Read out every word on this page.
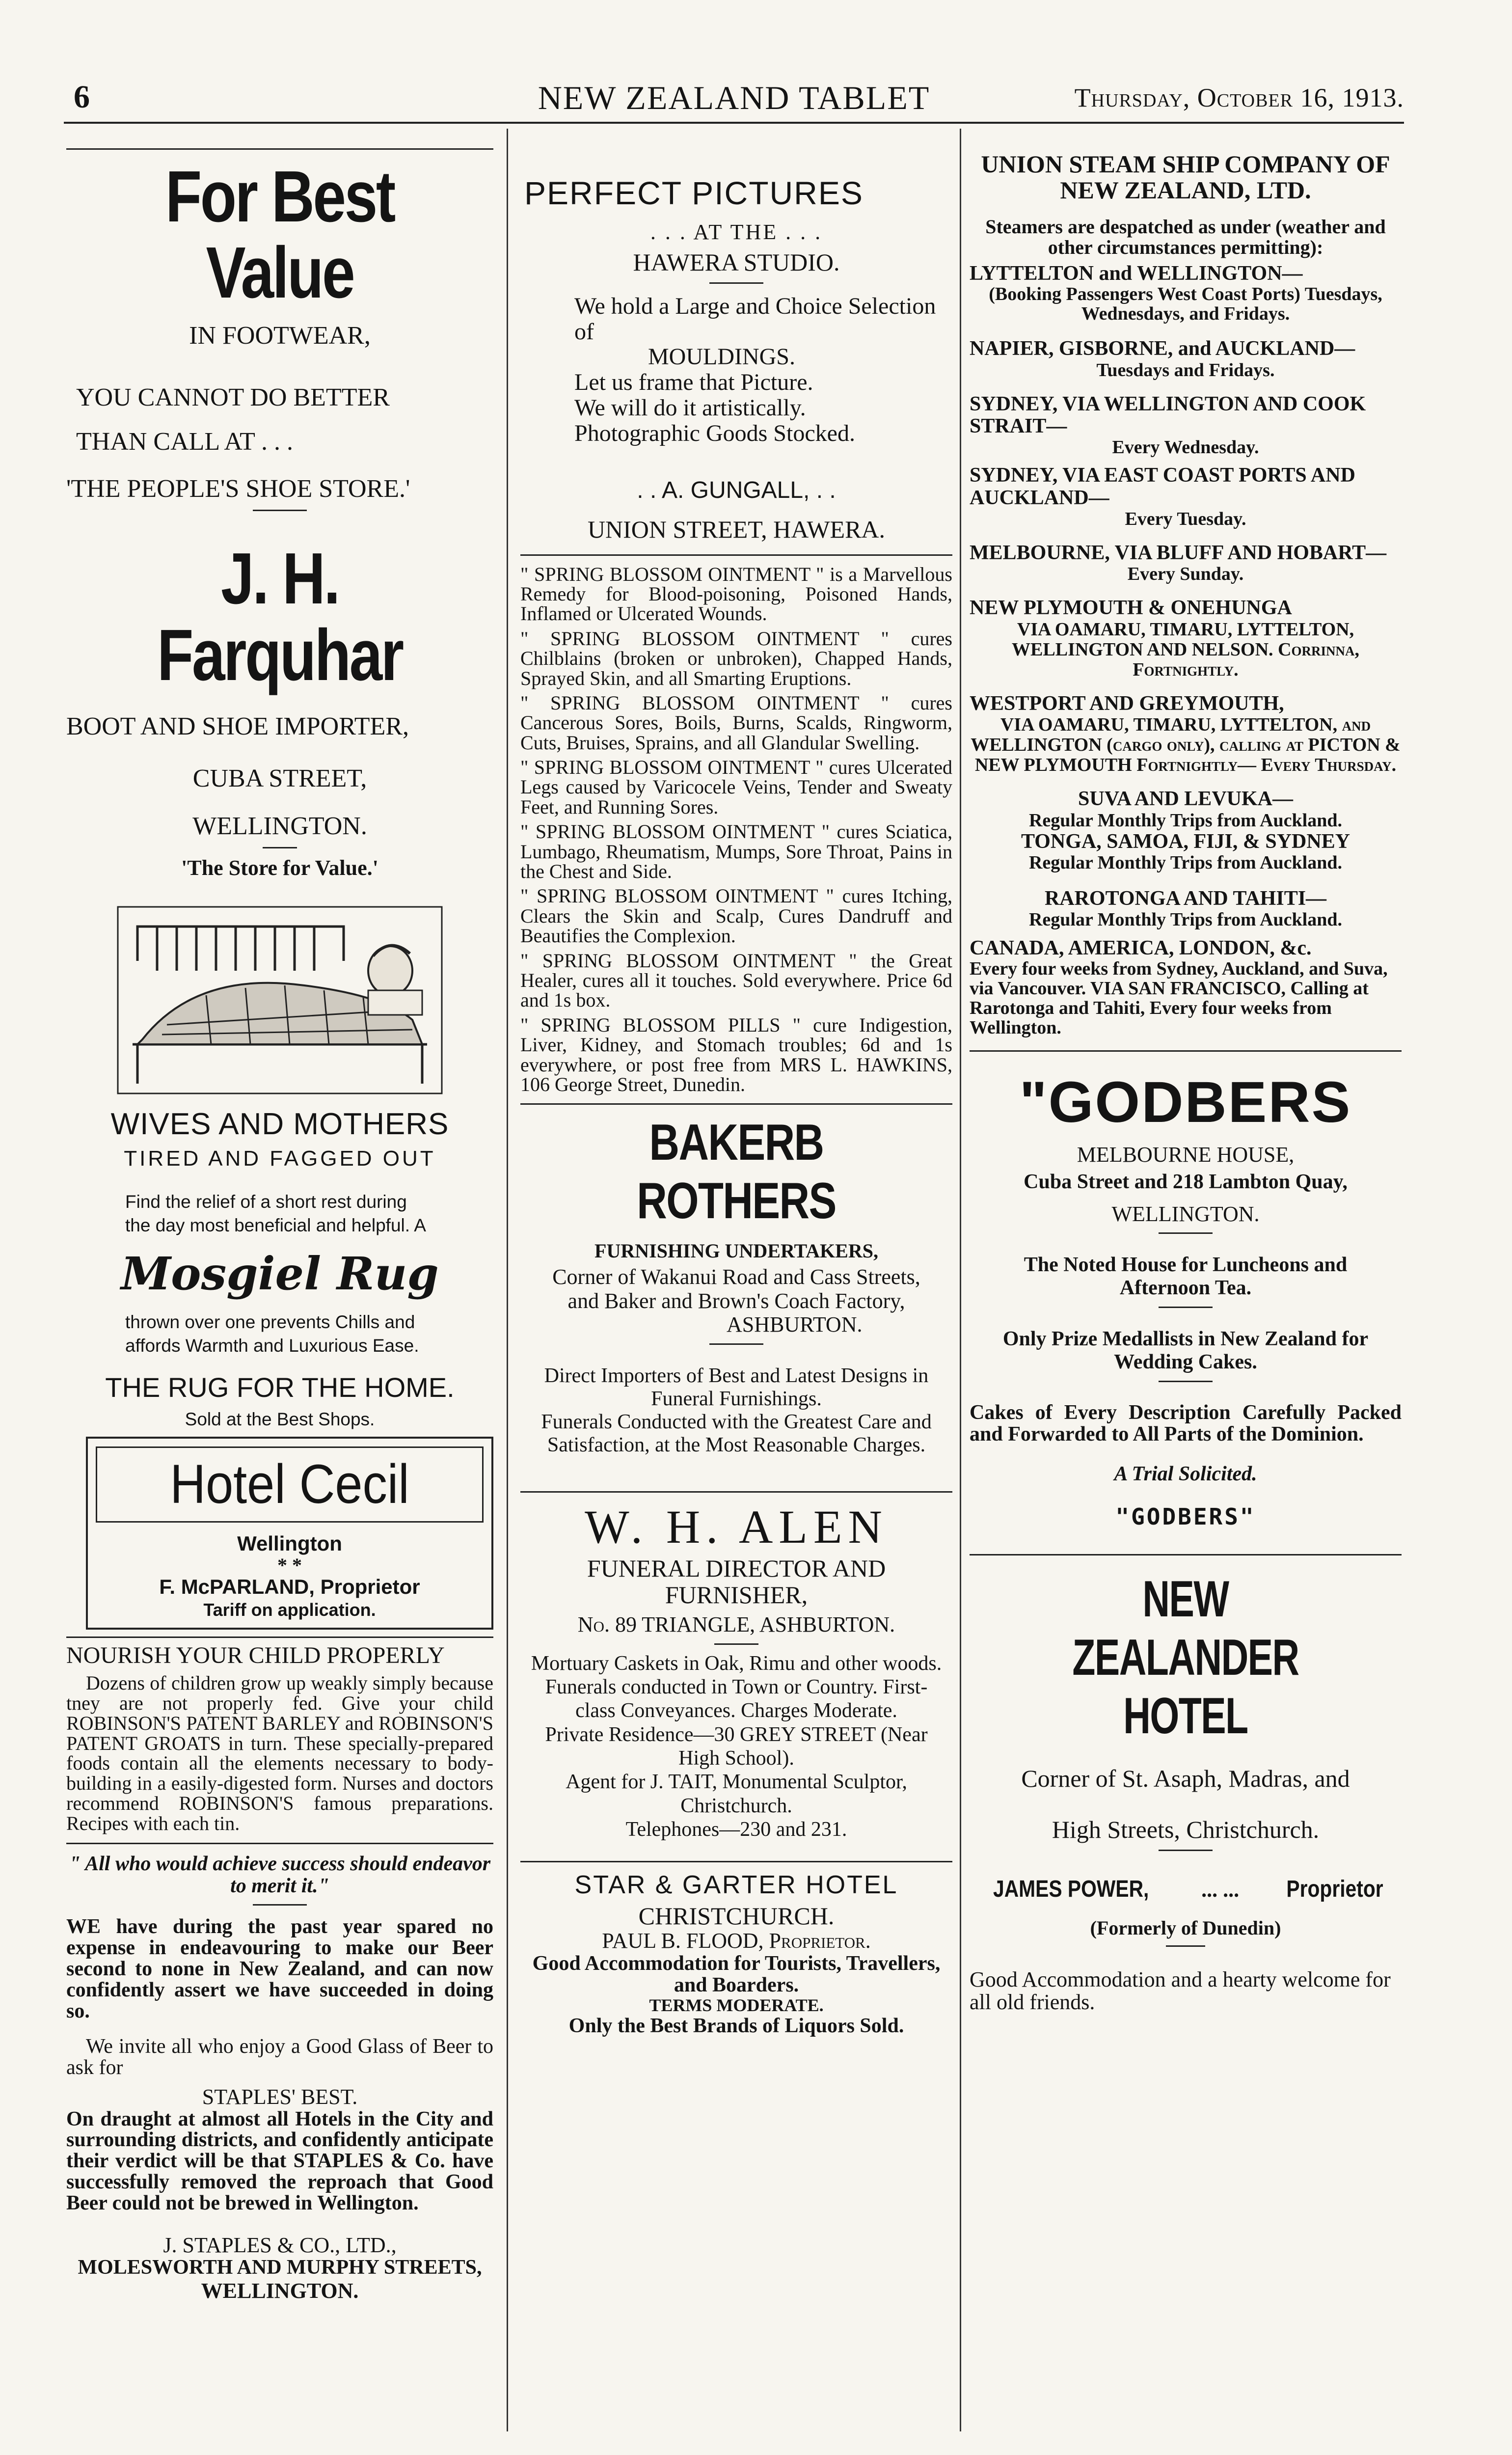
6	NEW ZEALAND TABLET	Thursday, October 16, 1913.
For Best Value

IN FOOTWEAR,

YOU CANNOT DO BETTER

THAN CALL AT . . .

'THE PEOPLE'S SHOE STORE.'

J. H. Farquhar

BOOT AND SHOE IMPORTER,

CUBA STREET,

WELLINGTON.

'The Store for Value.'

WIVES AND MOTHERS

TIRED AND FAGGED OUT

Find the relief of a short rest during the day most beneficial and helpful. A

Mosgiel Rug

thrown over one prevents Chills and affords Warmth and Luxurious Ease.

THE RUG FOR THE HOME.

Sold at the Best Shops.

Hotel Cecil

Wellington

* *

F. McPARLAND, Proprietor

Tariff on application.

NOURISH YOUR CHILD PROPERLY

Dozens of children grow up weakly simply because tney are not properly fed. Give your child ROBINSON'S PATENT BARLEY and ROBINSON'S PATENT GROATS in turn. These specially-prepared foods contain all the elements necessary to body-building in a easily-digested form. Nurses and doctors recommend ROBINSON'S famous preparations. Recipes with each tin.

" All who would achieve success should endeavor to merit it."

WE have during the past year spared no expense in endeavouring to make our Beer second to none in New Zealand, and can now confidently assert we have succeeded in doing so.

We invite all who enjoy a Good Glass of Beer to ask for

STAPLES' BEST.

On draught at almost all Hotels in the City and surrounding districts, and confidently anticipate their verdict will be that STAPLES & Co. have successfully removed the reproach that Good Beer could not be brewed in Wellington.

J. STAPLES & CO., LTD.,

MOLESWORTH AND MURPHY STREETS,

WELLINGTON.

PERFECT PICTURES

. . . AT THE . . .

HAWERA STUDIO.

We hold a Large and Choice Selection of

MOULDINGS.

Let us frame that Picture.

We will do it artistically.

Photographic Goods Stocked.

. . A. GUNGALL, . .

UNION STREET, HAWERA.

" SPRING BLOSSOM OINTMENT " is a Marvellous Remedy for Blood-poisoning, Poisoned Hands, Inflamed or Ulcerated Wounds.

" SPRING BLOSSOM OINTMENT " cures Chilblains (broken or unbroken), Chapped Hands, Sprayed Skin, and all Smarting Eruptions.

" SPRING BLOSSOM OINTMENT " cures Cancerous Sores, Boils, Burns, Scalds, Ringworm, Cuts, Bruises, Sprains, and all Glandular Swelling.

" SPRING BLOSSOM OINTMENT " cures Ulcerated Legs caused by Varicocele Veins, Tender and Sweaty Feet, and Running Sores.

" SPRING BLOSSOM OINTMENT " cures Sciatica, Lumbago, Rheumatism, Mumps, Sore Throat, Pains in the Chest and Side.

" SPRING BLOSSOM OINTMENT " cures Itching, Clears the Skin and Scalp, Cures Dandruff and Beautifies the Complexion.

" SPRING BLOSSOM OINTMENT " the Great Healer, cures all it touches. Sold everywhere. Price 6d and 1s box.

" SPRING BLOSSOM PILLS " cure Indigestion, Liver, Kidney, and Stomach troubles; 6d and 1s everywhere, or post free from MRS L. HAWKINS, 106 George Street, Dunedin.

BAKERB ROTHERS

FURNISHING UNDERTAKERS,

Corner of Wakanui Road and Cass Streets, and Baker and Brown's Coach Factory,

ASHBURTON.

Direct Importers of Best and Latest Designs in Funeral Furnishings.

Funerals Conducted with the Greatest Care and Satisfaction, at the Most Reasonable Charges.

W. H. ALEN

FUNERAL DIRECTOR AND FURNISHER,

No. 89 TRIANGLE, ASHBURTON.

Mortuary Caskets in Oak, Rimu and other woods. Funerals conducted in Town or Country. First-class Conveyances. Charges Moderate.

Private Residence—30 GREY STREET (Near High School).

Agent for J. TAIT, Monumental Sculptor, Christchurch.

Telephones—230 and 231.

STAR & GARTER HOTEL

CHRISTCHURCH.

PAUL B. FLOOD, Proprietor.

Good Accommodation for Tourists, Travellers, and Boarders.

TERMS MODERATE.

Only the Best Brands of Liquors Sold.

UNION STEAM SHIP COMPANY OF NEW ZEALAND, LTD.

Steamers are despatched as under (weather and other circumstances permitting):

LYTTELTON and WELLINGTON—

(Booking Passengers West Coast Ports) Tuesdays, Wednesdays, and Fridays.

NAPIER, GISBORNE, and AUCKLAND—

Tuesdays and Fridays.

SYDNEY, VIA WELLINGTON AND COOK STRAIT—

Every Wednesday.

SYDNEY, VIA EAST COAST PORTS AND AUCKLAND—

Every Tuesday.

MELBOURNE, VIA BLUFF AND HOBART—

Every Sunday.

NEW PLYMOUTH & ONEHUNGA

VIA OAMARU, TIMARU, LYTTELTON, WELLINGTON AND NELSON. Corrinna, Fortnightly.

WESTPORT AND GREYMOUTH,

VIA OAMARU, TIMARU, LYTTELTON, and WELLINGTON (cargo only), calling at PICTON & NEW PLYMOUTH Fortnightly— Every Thursday.

SUVA AND LEVUKA—

Regular Monthly Trips from Auckland.

TONGA, SAMOA, FIJI, & SYDNEY

Regular Monthly Trips from Auckland.

RAROTONGA AND TAHITI—

Regular Monthly Trips from Auckland.

CANADA, AMERICA, LONDON, &c.

Every four weeks from Sydney, Auckland, and Suva, via Vancouver. VIA SAN FRANCISCO, Calling at Rarotonga and Tahiti, Every four weeks from Wellington.

"GODBERS

MELBOURNE HOUSE,

Cuba Street and 218 Lambton Quay,

WELLINGTON.

The Noted House for Luncheons and Afternoon Tea.

Only Prize Medallists in New Zealand for Wedding Cakes.

Cakes of Every Description Carefully Packed and Forwarded to All Parts of the Dominion.

A Trial Solicited.

"GODBERS"

NEW ZEALANDER HOTEL

Corner of St. Asaph, Madras, and

High Streets, Christchurch.

JAMES POWER, ... ... Proprietor

(Formerly of Dunedin)

Good Accommodation and a hearty welcome for all old friends.
